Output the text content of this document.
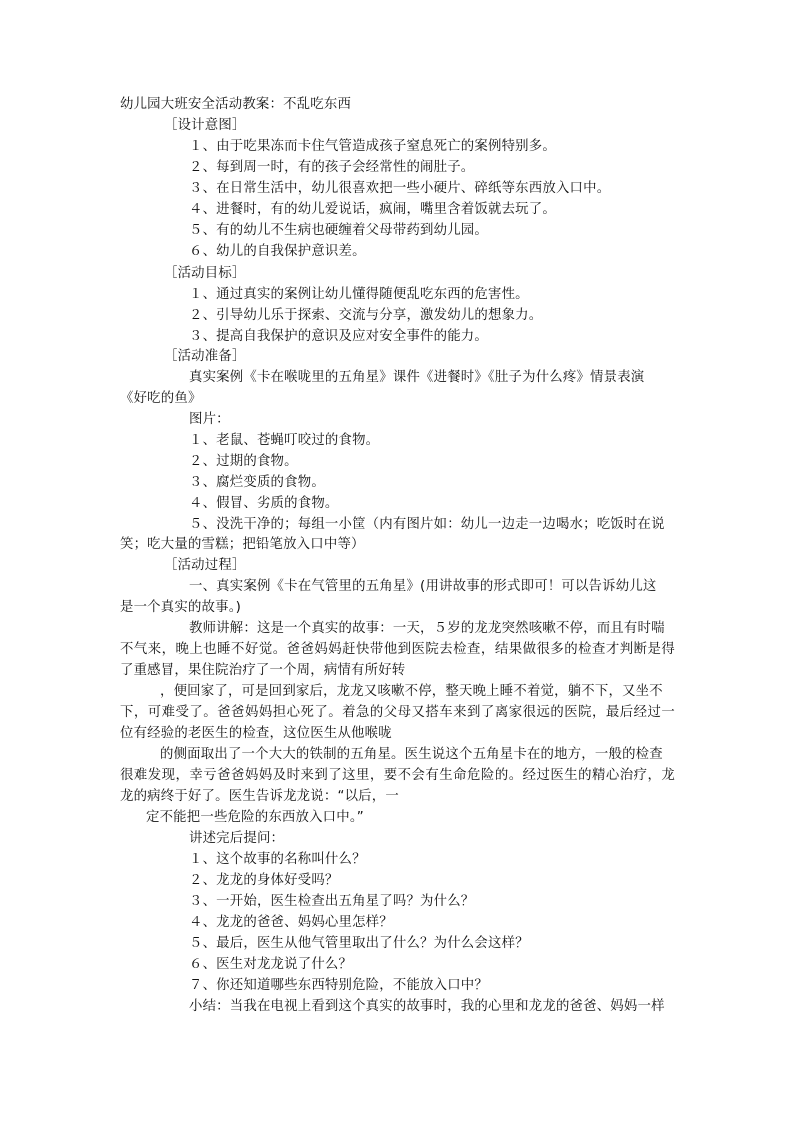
幼儿园大班安全活动教案：不乱吃东西
［设计意图］
１、由于吃果冻而卡住气管造成孩子窒息死亡的案例特别多。
２、每到周一时，有的孩子会经常性的闹肚子。
３、在日常生活中，幼儿很喜欢把一些小硬片、碎纸等东西放入口中。
４、进餐时，有的幼儿爱说话，疯闹，嘴里含着饭就去玩了。
５、有的幼儿不生病也硬缠着父母带药到幼儿园。
６、幼儿的自我保护意识差。
［活动目标］
１、通过真实的案例让幼儿懂得随便乱吃东西的危害性。
２、引导幼儿乐于探索、交流与分享，激发幼儿的想象力。
３、提高自我保护的意识及应对安全事件的能力。
［活动准备］
真实案例《卡在喉咙里的五角星》课件《进餐时》《肚子为什么疼》情景表演
《好吃的鱼》
图片：
１、老鼠、苍蝇叮咬过的食物。
２、过期的食物。
３、腐烂变质的食物。
４、假冒、劣质的食物。
５、没洗干净的；每组一小筐（内有图片如：幼儿一边走一边喝水；吃饭时在说
笑；吃大量的雪糕；把铅笔放入口中等）
［活动过程］
一、真实案例《卡在气管里的五角星》(用讲故事的形式即可！可以告诉幼儿这
是一个真实的故事。)
教师讲解：这是一个真实的故事：一天，５岁的龙龙突然咳嗽不停，而且有时喘
不气来，晚上也睡不好觉。爸爸妈妈赶快带他到医院去检查，结果做很多的检查才判断是得
了重感冒，果住院治疗了一个周，病情有所好转
，便回家了，可是回到家后，龙龙又咳嗽不停，整天晚上睡不着觉，躺不下，又坐不
下，可难受了。爸爸妈妈担心死了。着急的父母又搭车来到了离家很远的医院，最后经过一
位有经验的老医生的检查，这位医生从他喉咙
的侧面取出了一个大大的铁制的五角星。医生说这个五角星卡在的地方，一般的检查
很难发现，幸亏爸爸妈妈及时来到了这里，要不会有生命危险的。经过医生的精心治疗，龙
龙的病终于好了。医生告诉龙龙说：“以后，一
定不能把一些危险的东西放入口中。”
讲述完后提问：
１、这个故事的名称叫什么？
２、龙龙的身体好受吗？
３、一开始，医生检查出五角星了吗？为什么？
４、龙龙的爸爸、妈妈心里怎样？
５、最后，医生从他气管里取出了什么？为什么会这样？
６、医生对龙龙说了什么？
７、你还知道哪些东西特别危险，不能放入口中？
小结：当我在电视上看到这个真实的故事时，我的心里和龙龙的爸爸、妈妈一样
